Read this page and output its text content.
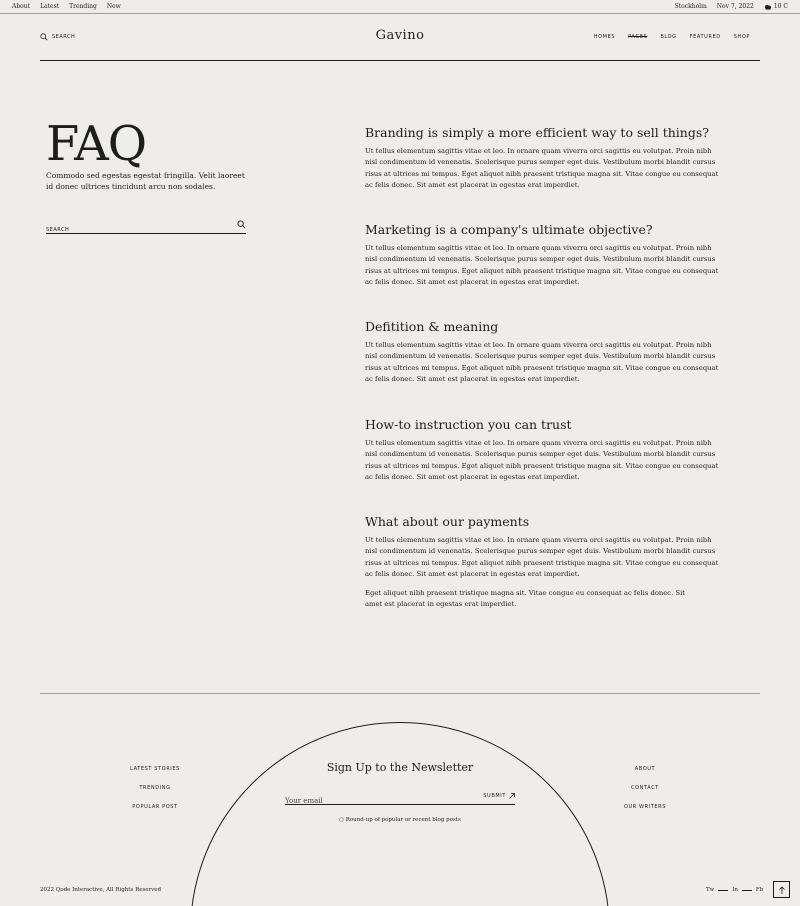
About Latest Trending New	Stockholm Nov 7, 2022	10 C
SEARCH	Gavino	HOMES	PAGES	BLOG	FEATURED	SHOP
FAQ

Commodo sed egestas egestat fringilla. Velit laoreet id donec ultrices tincidunt arcu non sodales.

SEARCH
Branding is simply a more efficient way to sell things?

Ut tellus elementum sagittis vitae et leo. In ornare quam viverra orci sagittis eu volutpat. Proin nibh nisl condimentum id venenatis. Scelerisque purus semper eget duis. Vestibulum morbi blandit cursus risus at ultrices mi tempus. Eget aliquet nibh praesent tristique magna sit. Vitae congue eu consequat ac felis donec. Sit amet est placerat in egestas erat imperdiet.

Marketing is a company's ultimate objective?

Ut tellus elementum sagittis vitae et leo. In ornare quam viverra orci sagittis eu volutpat. Proin nibh nisl condimentum id venenatis. Scelerisque purus semper eget duis. Vestibulum morbi blandit cursus risus at ultrices mi tempus. Eget aliquet nibh praesent tristique magna sit. Vitae congue eu consequat ac felis donec. Sit amet est placerat in egestas erat imperdiet.

Defitition & meaning

Ut tellus elementum sagittis vitae et leo. In ornare quam viverra orci sagittis eu volutpat. Proin nibh nisl condimentum id venenatis. Scelerisque purus semper eget duis. Vestibulum morbi blandit cursus risus at ultrices mi tempus. Eget aliquet nibh praesent tristique magna sit. Vitae congue eu consequat ac felis donec. Sit amet est placerat in egestas erat imperdiet.

How-to instruction you can trust

Ut tellus elementum sagittis vitae et leo. In ornare quam viverra orci sagittis eu volutpat. Proin nibh nisl condimentum id venenatis. Scelerisque purus semper eget duis. Vestibulum morbi blandit cursus risus at ultrices mi tempus. Eget aliquet nibh praesent tristique magna sit. Vitae congue eu consequat ac felis donec. Sit amet est placerat in egestas erat imperdiet.

What about our payments

Ut tellus elementum sagittis vitae et leo. In ornare quam viverra orci sagittis eu volutpat. Proin nibh nisl condimentum id venenatis. Scelerisque purus semper eget duis. Vestibulum morbi blandit cursus risus at ultrices mi tempus. Eget aliquet nibh praesent tristique magna sit. Vitae congue eu consequat ac felis donec. Sit amet est placerat in egestas erat imperdiet.

Eget aliquet nibh praesent tristique magna sit. Vitae congue eu consequat ac felis donec. Sit amet est placerat in egestas erat imperdiet.

LATEST STORIES
TRENDING
POPULAR POST
ABOUT
CONTACT
OUR WRITERS
Sign Up to the Newsletter
Your email
SUBMIT
○ Round-up of popular or recent blog posts
2022 Qode Interactive, All Rights Reserved	Tw	In	Fb
